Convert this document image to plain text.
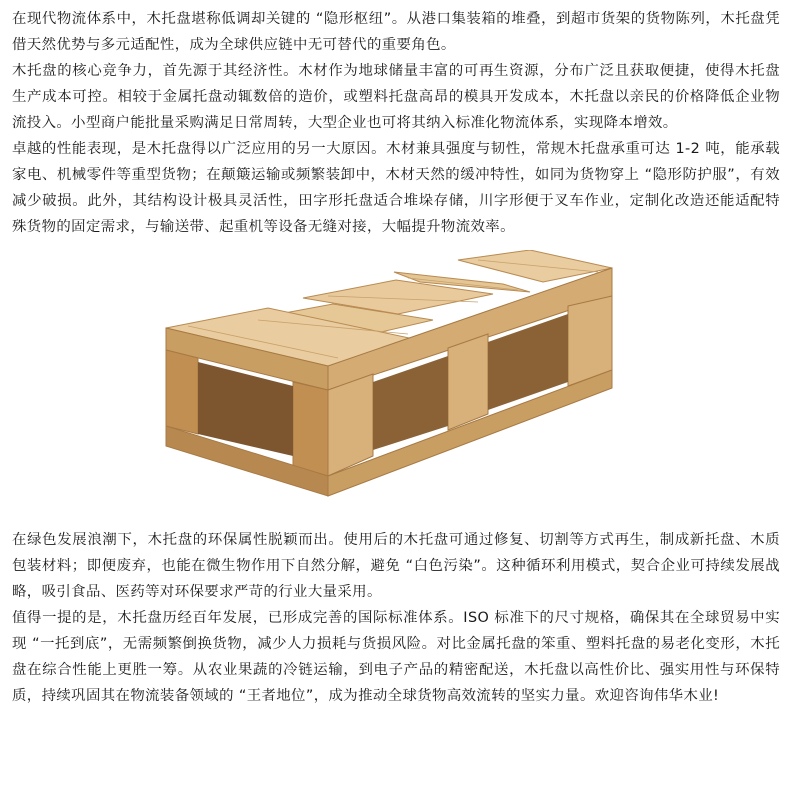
在现代物流体系中，木托盘堪称低调却关键的 “隐形枢纽”。从港口集装箱的堆叠，到超市货架的货物陈列，木托盘凭借天然优势与多元适配性，成为全球供应链中无可替代的重要角色。

木托盘的核心竞争力，首先源于其经济性。木材作为地球储量丰富的可再生资源，分布广泛且获取便捷，使得木托盘生产成本可控。相较于金属托盘动辄数倍的造价，或塑料托盘高昂的模具开发成本，木托盘以亲民的价格降低企业物流投入。小型商户能批量采购满足日常周转，大型企业也可将其纳入标准化物流体系，实现降本增效。

卓越的性能表现，是木托盘得以广泛应用的另一大原因。木材兼具强度与韧性，常规木托盘承重可达 1-2 吨，能承载家电、机械零件等重型货物；在颠簸运输或频繁装卸中，木材天然的缓冲特性，如同为货物穿上 “隐形防护服”，有效减少破损。此外，其结构设计极具灵活性，田字形托盘适合堆垛存储，川字形便于叉车作业，定制化改造还能适配特殊货物的固定需求，与输送带、起重机等设备无缝对接，大幅提升物流效率。

在绿色发展浪潮下，木托盘的环保属性脱颖而出。使用后的木托盘可通过修复、切割等方式再生，制成新托盘、木质包装材料；即便废弃，也能在微生物作用下自然分解，避免 “白色污染”。这种循环利用模式，契合企业可持续发展战略，吸引食品、医药等对环保要求严苛的行业大量采用。

值得一提的是，木托盘历经百年发展，已形成完善的国际标准体系。ISO 标准下的尺寸规格，确保其在全球贸易中实现 “一托到底”，无需频繁倒换货物，减少人力损耗与货损风险。对比金属托盘的笨重、塑料托盘的易老化变形，木托盘在综合性能上更胜一筹。从农业果蔬的冷链运输，到电子产品的精密配送，木托盘以高性价比、强实用性与环保特质，持续巩固其在物流装备领域的 “王者地位”，成为推动全球货物高效流转的坚实力量。欢迎咨询伟华木业!
